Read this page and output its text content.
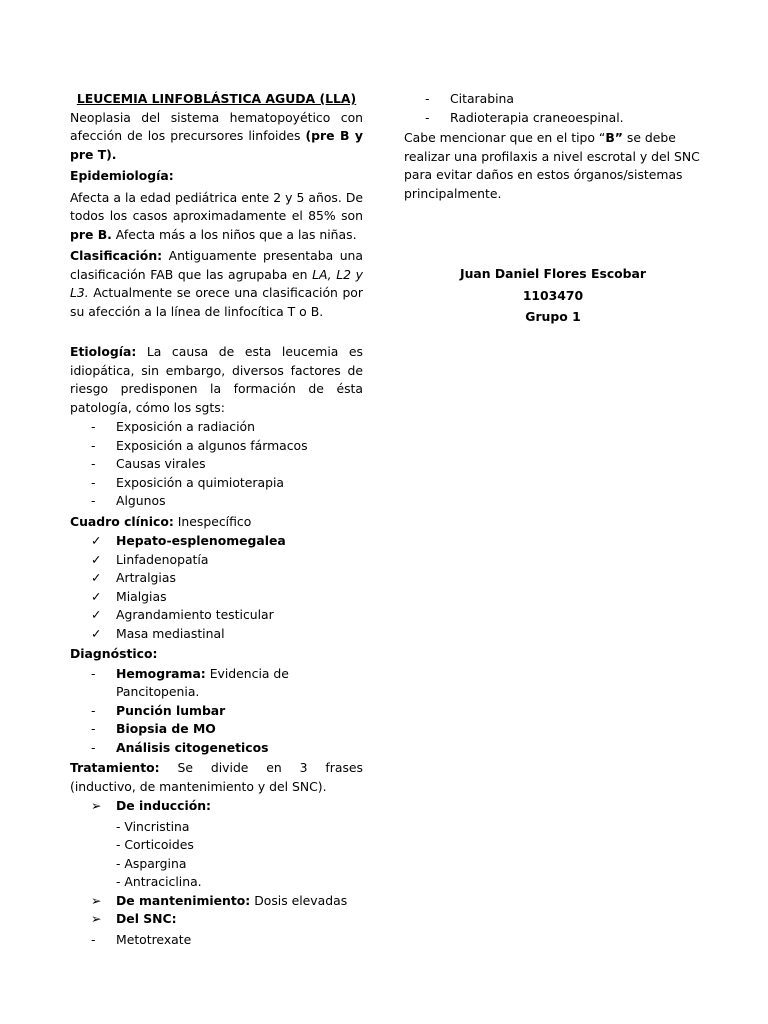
LEUCEMIA LINFOBLÁSTICA AGUDA (LLA)

Neoplasia del sistema hematopoyético con afección de los precursores linfoides (pre B y pre T).

Epidemiología:

Afecta a la edad pediátrica ente 2 y 5 años. De todos los casos aproximadamente el 85% son pre B. Afecta más a los niños que a las niñas.

Clasificación: Antiguamente presentaba una clasificación FAB que las agrupaba en LA, L2 y L3. Actualmente se orece una clasificación por su afección a la línea de linfocítica T o B.

Etiología: La causa de esta leucemia es idiopática, sin embargo, diversos factores de riesgo predisponen la formación de ésta patología, cómo los sgts:

-	Exposición a radiación
-	Exposición a algunos fármacos
-	Causas virales
-	Exposición a quimioterapia
-	Algunos

Cuadro clínico: Inespecífico

✓	Hepato-esplenomegalea
✓	Linfadenopatía
✓	Artralgias
✓	Mialgias
✓	Agrandamiento testicular
✓	Masa mediastinal

Diagnóstico:

-	Hemograma: Evidencia de Pancitopenia.
-	Punción lumbar
-	Biopsia de MO
-	Análisis citogeneticos

Tratamiento: Se divide en 3 frases (inductivo, de mantenimiento y del SNC).

➢	De inducción:

- Vincristina

- Corticoides

- Aspargina

- Antraciclina.

➢	De mantenimiento: Dosis elevadas
➢	Del SNC:
- Metotrexate
-	Citarabina
-	Radioterapia craneoespinal.

Cabe mencionar que en el tipo “B” se debe realizar una profilaxis a nivel escrotal y del SNC para evitar daños en estos órganos/sistemas principalmente.

Juan Daniel Flores Escobar

1103470

Grupo 1
